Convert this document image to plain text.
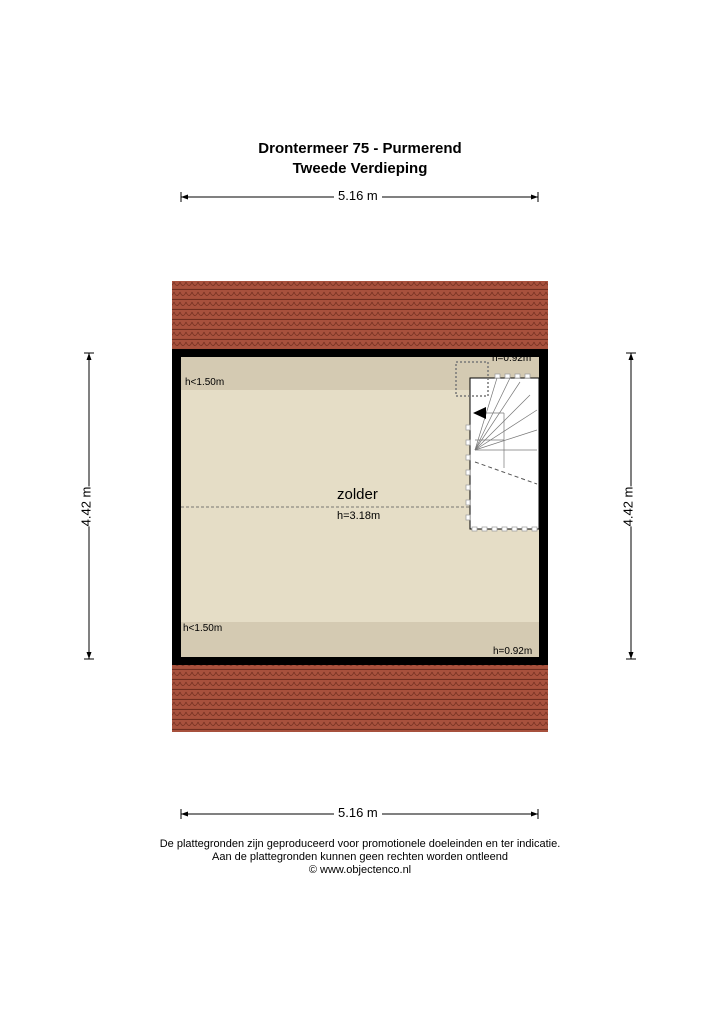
Drontermeer 75 - Purmerend
Tweede Verdieping
5.16 m
5.16 m
4.42 m	4.42 m
zolder
h=3.18m
h<1.50m
h<1.50m
h=0.92m
h=0.92m
De plattegronden zijn geproduceerd voor promotionele doeleinden en ter indicatie.
Aan de plattegronden kunnen geen rechten worden ontleend
© www.objectenco.nl
